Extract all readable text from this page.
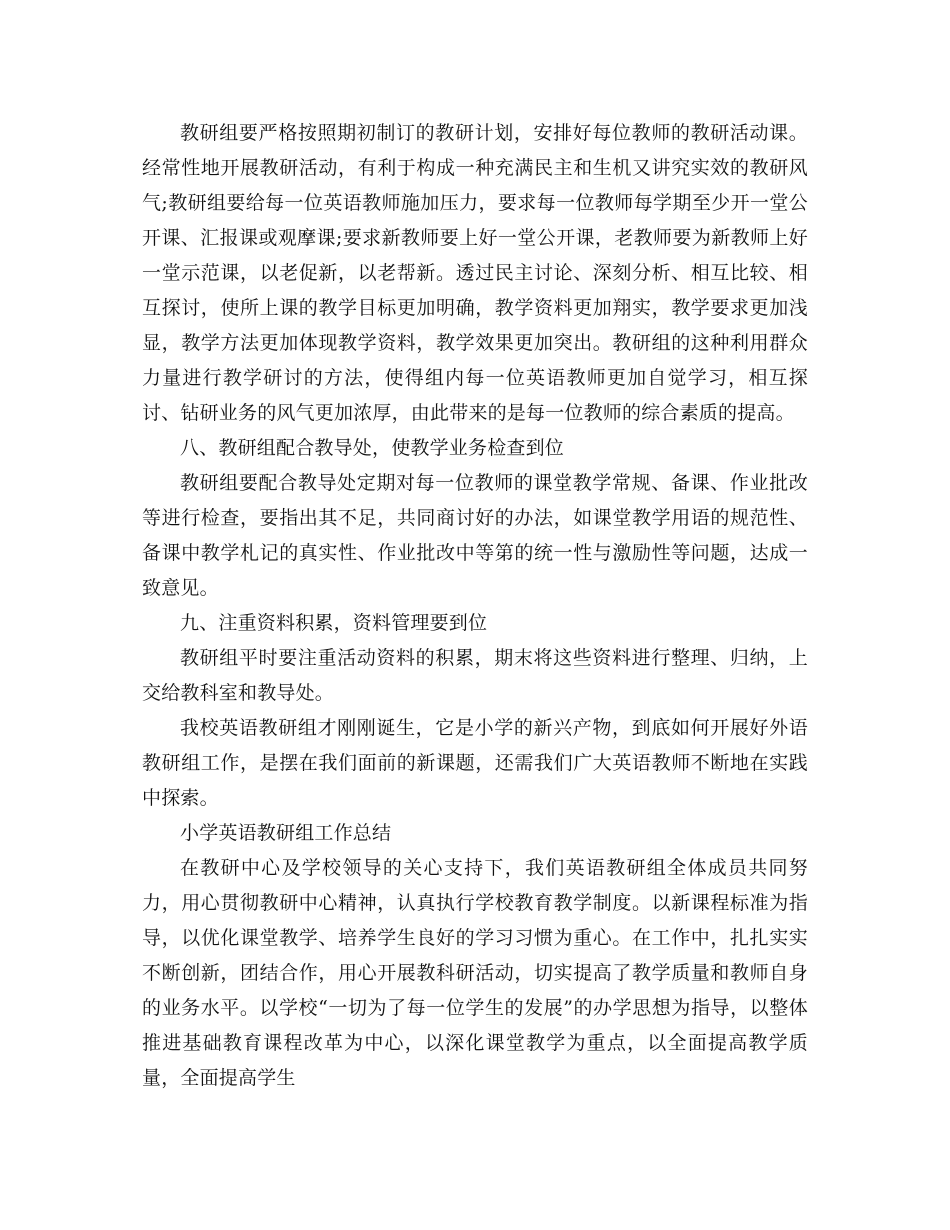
教研组要严格按照期初制订的教研计划，安排好每位教师的教研活动课。经常性地开展教研活动，有利于构成一种充满民主和生机又讲究实效的教研风气;教研组要给每一位英语教师施加压力，要求每一位教师每学期至少开一堂公开课、汇报课或观摩课;要求新教师要上好一堂公开课，老教师要为新教师上好一堂示范课，以老促新，以老帮新。透过民主讨论、深刻分析、相互比较、相互探讨，使所上课的教学目标更加明确，教学资料更加翔实，教学要求更加浅显，教学方法更加体现教学资料，教学效果更加突出。教研组的这种利用群众力量进行教学研讨的方法，使得组内每一位英语教师更加自觉学习，相互探讨、钻研业务的风气更加浓厚，由此带来的是每一位教师的综合素质的提高。

八、教研组配合教导处，使教学业务检查到位

教研组要配合教导处定期对每一位教师的课堂教学常规、备课、作业批改等进行检查，要指出其不足，共同商讨好的办法，如课堂教学用语的规范性、备课中教学札记的真实性、作业批改中等第的统一性与激励性等问题，达成一致意见。

九、注重资料积累，资料管理要到位

教研组平时要注重活动资料的积累，期末将这些资料进行整理、归纳，上交给教科室和教导处。

我校英语教研组才刚刚诞生，它是小学的新兴产物，到底如何开展好外语教研组工作，是摆在我们面前的新课题，还需我们广大英语教师不断地在实践中探索。

小学英语教研组工作总结

在教研中心及学校领导的关心支持下，我们英语教研组全体成员共同努力，用心贯彻教研中心精神，认真执行学校教育教学制度。以新课程标准为指导，以优化课堂教学、培养学生良好的学习习惯为重心。在工作中，扎扎实实不断创新，团结合作，用心开展教科研活动，切实提高了教学质量和教师自身的业务水平。以学校“一切为了每一位学生的发展”的办学思想为指导，以整体推进基础教育课程改革为中心，以深化课堂教学为重点，以全面提高教学质量，全面提高学生
